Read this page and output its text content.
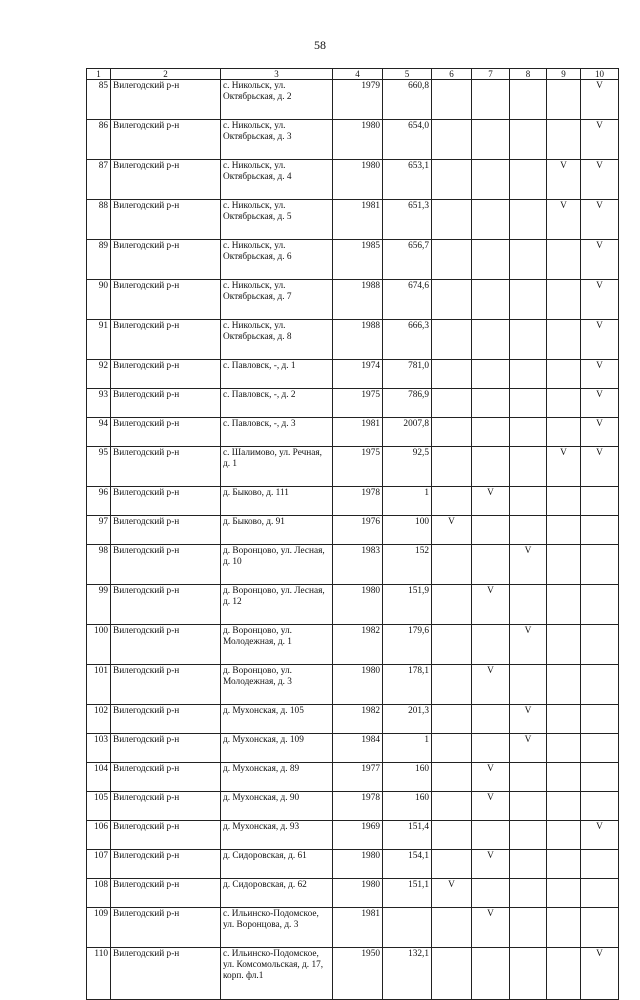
58
1	2	3	4	5	6	7	8	9	10
85	Вилегодский р-н	с. Никольск, ул. Октябрьская, д. 2	1979	660,8					V
86	Вилегодский р-н	с. Никольск, ул. Октябрьская, д. 3	1980	654,0					V
87	Вилегодский р-н	с. Никольск, ул. Октябрьская, д. 4	1980	653,1				V	V
88	Вилегодский р-н	с. Никольск, ул. Октябрьская, д. 5	1981	651,3				V	V
89	Вилегодский р-н	с. Никольск, ул. Октябрьская, д. 6	1985	656,7					V
90	Вилегодский р-н	с. Никольск, ул. Октябрьская, д. 7	1988	674,6					V
91	Вилегодский р-н	с. Никольск, ул. Октябрьская, д. 8	1988	666,3					V
92	Вилегодский р-н	с. Павловск, -, д. 1	1974	781,0					V
93	Вилегодский р-н	с. Павловск, -, д. 2	1975	786,9					V
94	Вилегодский р-н	с. Павловск, -, д. 3	1981	2007,8					V
95	Вилегодский р-н	с. Шалимово, ул. Речная, д. 1	1975	92,5				V	V
96	Вилегодский р-н	д. Быково, д. 111	1978	1		V			
97	Вилегодский р-н	д. Быково, д. 91	1976	100	V				
98	Вилегодский р-н	д. Воронцово, ул. Лесная, д. 10	1983	152			V		
99	Вилегодский р-н	д. Воронцово, ул. Лесная, д. 12	1980	151,9		V			
100	Вилегодский р-н	д. Воронцово, ул. Молодежная, д. 1	1982	179,6			V		
101	Вилегодский р-н	д. Воронцово, ул. Молодежная, д. 3	1980	178,1		V			
102	Вилегодский р-н	д. Мухонская, д. 105	1982	201,3			V		
103	Вилегодский р-н	д. Мухонская, д. 109	1984	1			V		
104	Вилегодский р-н	д. Мухонская, д. 89	1977	160		V			
105	Вилегодский р-н	д. Мухонская, д. 90	1978	160		V			
106	Вилегодский р-н	д. Мухонская, д. 93	1969	151,4					V
107	Вилегодский р-н	д. Сидоровская, д. 61	1980	154,1		V			
108	Вилегодский р-н	д. Сидоровская, д. 62	1980	151,1	V				
109	Вилегодский р-н	с. Ильинско-Подомское, ул. Воронцова, д. 3	1981			V			
110	Вилегодский р-н	с. Ильинско-Подомское, ул. Комсомольская, д. 17, корп. фл.1	1950	132,1					V
